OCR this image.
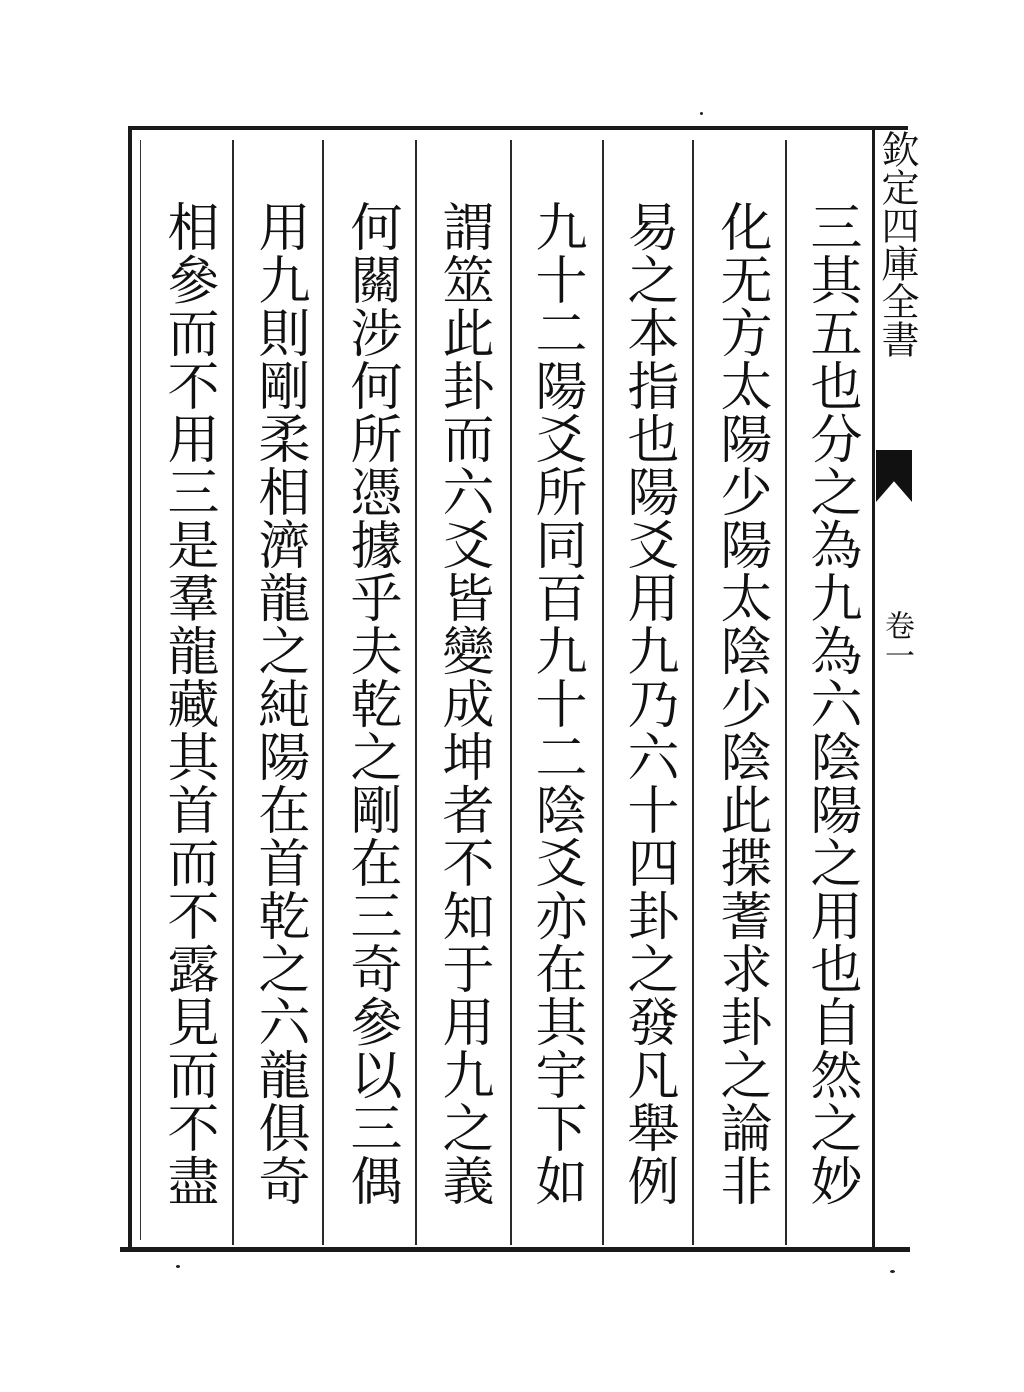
三其五也分之為九為六陰陽之用也自然之妙
化无方太陽少陽太陰少陰此揲蓍求卦之論非
易之本指也陽爻用九乃六十四卦之發凡舉例
九十二陽爻所同百九十二陰爻亦在其宇下如
謂筮此卦而六爻皆變成坤者不知于用九之義
何關涉何所憑據乎夫乾之剛在三奇參以三偶
用九則剛柔相濟龍之純陽在首乾之六龍俱奇
相參而不用三是羣龍藏其首而不露見而不盡
欽定四庫全書
卷一
